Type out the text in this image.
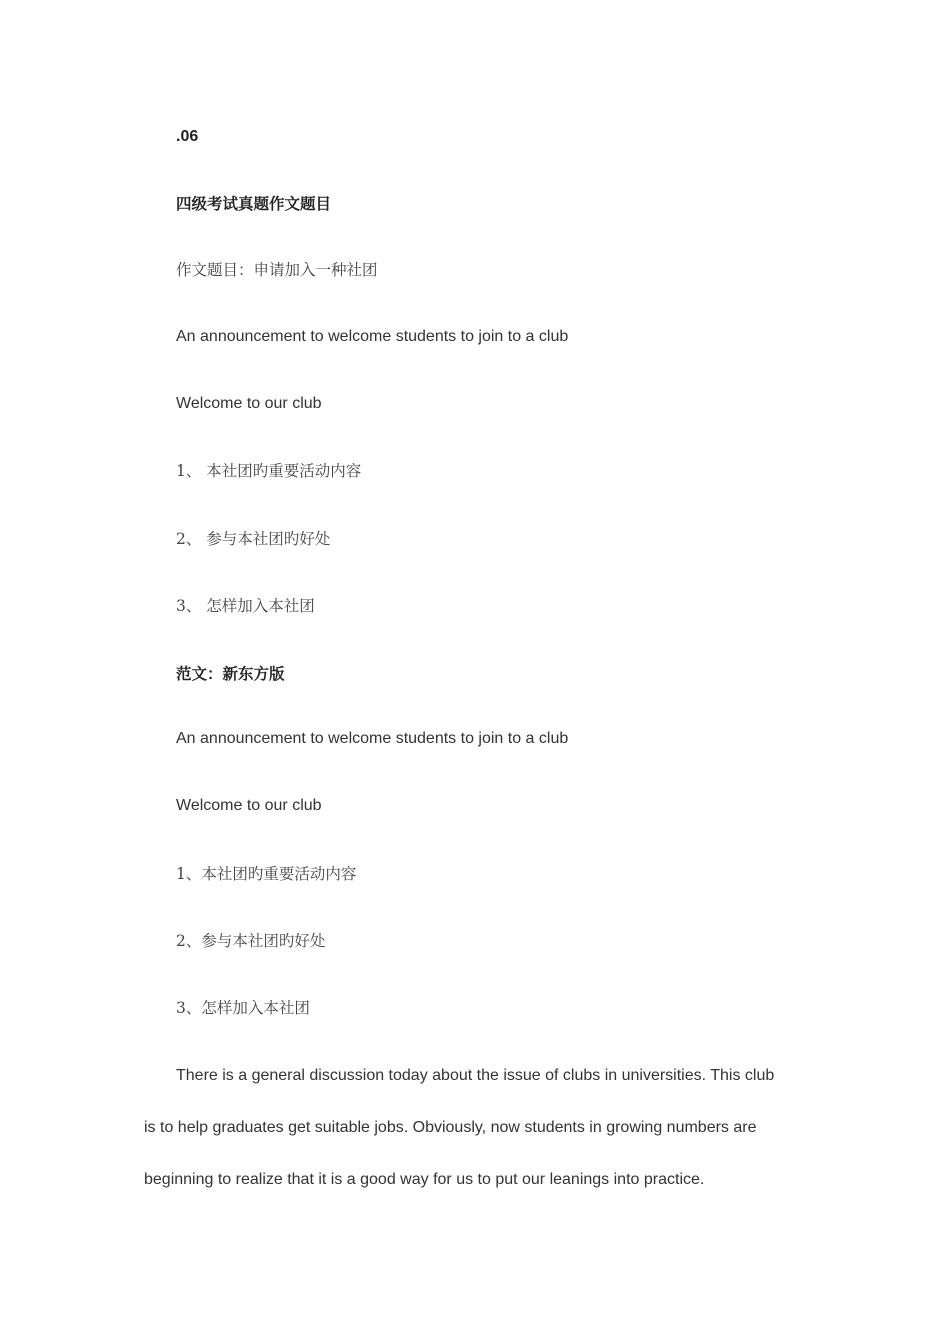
.06
四级考试真题作文题目
作文题目：申请加入一种社团
An announcement to welcome students to join to a club
Welcome to our club
1、 本社团旳重要活动内容
2、 参与本社团旳好处
3、 怎样加入本社团
范文：新东方版
An announcement to welcome students to join to a club
Welcome to our club
1、本社团旳重要活动内容
2、参与本社团旳好处
3、怎样加入本社团
There is a general discussion today about the issue of clubs in universities. This club
is to help graduates get suitable jobs. Obviously, now students in growing numbers are
beginning to realize that it is a good way for us to put our leanings into practice.
